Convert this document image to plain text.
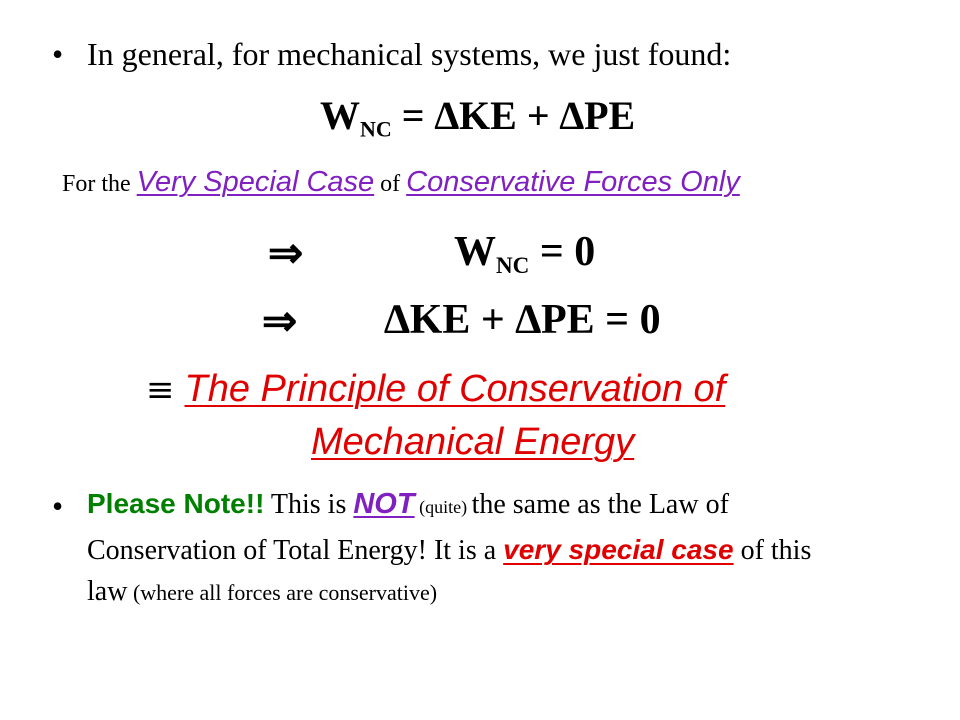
• In general, for mechanical systems, we just found:
$W_{NC} = \Delta KE + \Delta PE$
For the Very Special Case of Conservative Forces Only
⇒	$W_{NC} = 0$
⇒ ∆KE + ∆PE = 0
≡ The Principle of Conservation of
Mechanical Energy
• Please Note!! This is NOT (quite) the same as the Law of
Conservation of Total Energy! It is a very special case of this
law (where all forces are conservative)
